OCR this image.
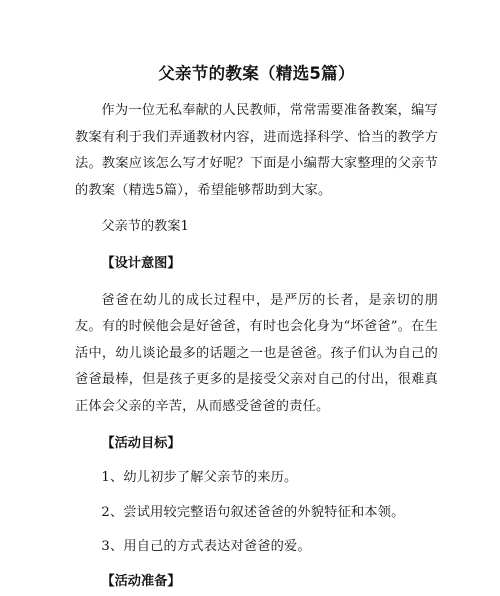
父亲节的教案（精选5篇）

作为一位无私奉献的人民教师，常常需要准备教案，编写教案有利于我们弄通教材内容，进而选择科学、恰当的教学方法。教案应该怎么写才好呢？下面是小编帮大家整理的父亲节的教案（精选5篇），希望能够帮助到大家。

父亲节的教案1

【设计意图】

爸爸在幼儿的成长过程中，是严厉的长者，是亲切的朋友。有的时候他会是好爸爸，有时也会化身为“坏爸爸”。在生活中，幼儿谈论最多的话题之一也是爸爸。孩子们认为自己的爸爸最棒，但是孩子更多的是接受父亲对自己的付出，很难真正体会父亲的辛苦，从而感受爸爸的责任。

【活动目标】

1、幼儿初步了解父亲节的来历。

2、尝试用较完整语句叙述爸爸的外貌特征和本领。

3、用自己的方式表达对爸爸的爱。

【活动准备】
